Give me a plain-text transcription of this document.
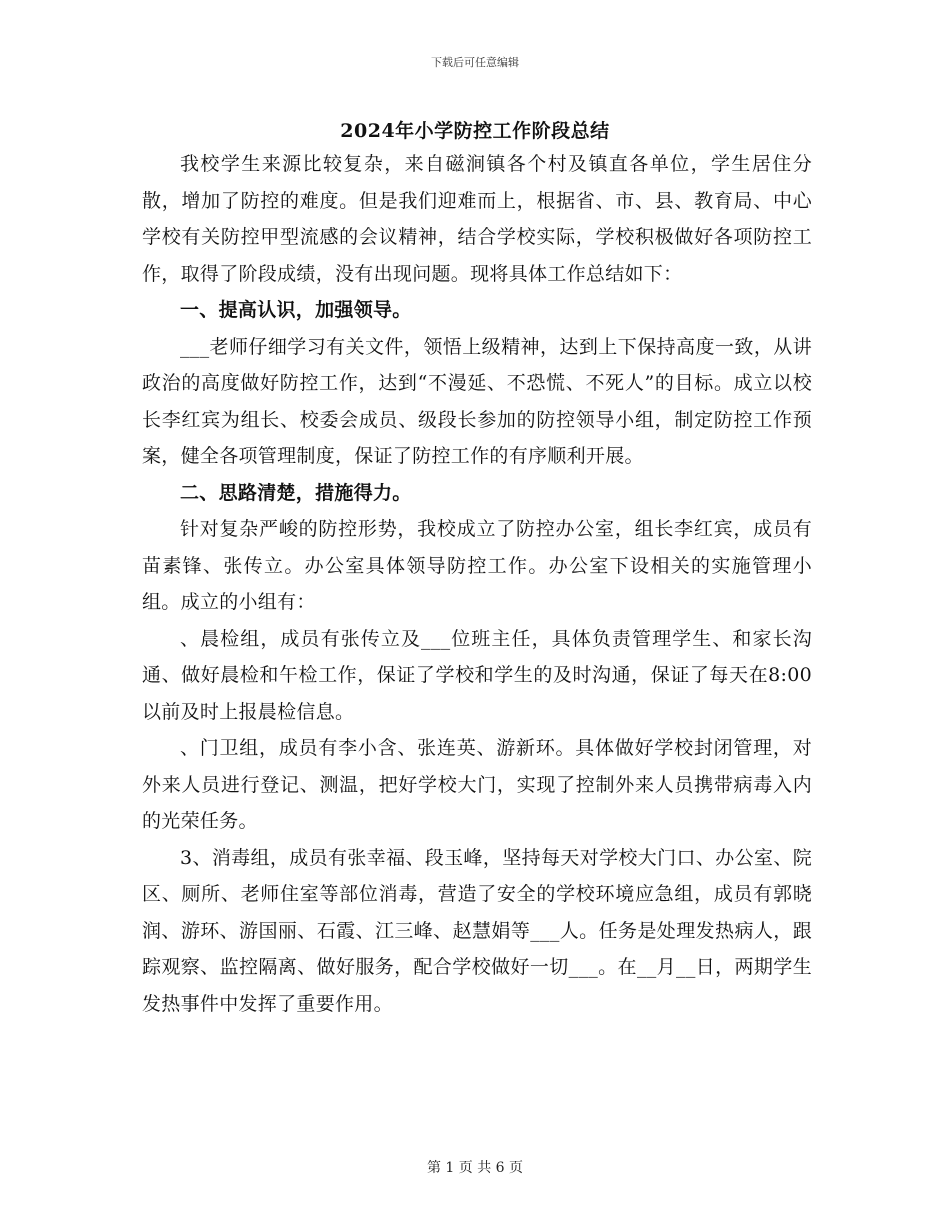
下载后可任意编辑
2024年小学防控工作阶段总结

我校学生来源比较复杂，来自磁涧镇各个村及镇直各单位，学生居住分散，增加了防控的难度。但是我们迎难而上，根据省、市、县、教育局、中心学校有关防控甲型流感的会议精神，结合学校实际，学校积极做好各项防控工作，取得了阶段成绩，没有出现问题。现将具体工作总结如下：

一、提高认识，加强领导。

___老师仔细学习有关文件，领悟上级精神，达到上下保持高度一致，从讲政治的高度做好防控工作，达到“不漫延、不恐慌、不死人”的目标。成立以校长李红宾为组长、校委会成员、级段长参加的防控领导小组，制定防控工作预案，健全各项管理制度，保证了防控工作的有序顺利开展。

二、思路清楚，措施得力。

针对复杂严峻的防控形势，我校成立了防控办公室，组长李红宾，成员有苗素锋、张传立。办公室具体领导防控工作。办公室下设相关的实施管理小组。成立的小组有：

、晨检组，成员有张传立及___位班主任，具体负责管理学生、和家长沟通、做好晨检和午检工作，保证了学校和学生的及时沟通，保证了每天在8:00以前及时上报晨检信息。

、门卫组，成员有李小含、张连英、游新环。具体做好学校封闭管理，对外来人员进行登记、测温，把好学校大门，实现了控制外来人员携带病毒入内的光荣任务。

3、消毒组，成员有张幸福、段玉峰，坚持每天对学校大门口、办公室、院区、厕所、老师住室等部位消毒，营造了安全的学校环境应急组，成员有郭晓润、游环、游国丽、石霞、江三峰、赵慧娟等___人。任务是处理发热病人，跟踪观察、监控隔离、做好服务，配合学校做好一切___。在__月__日，两期学生发热事件中发挥了重要作用。

第 1 页 共 6 页
